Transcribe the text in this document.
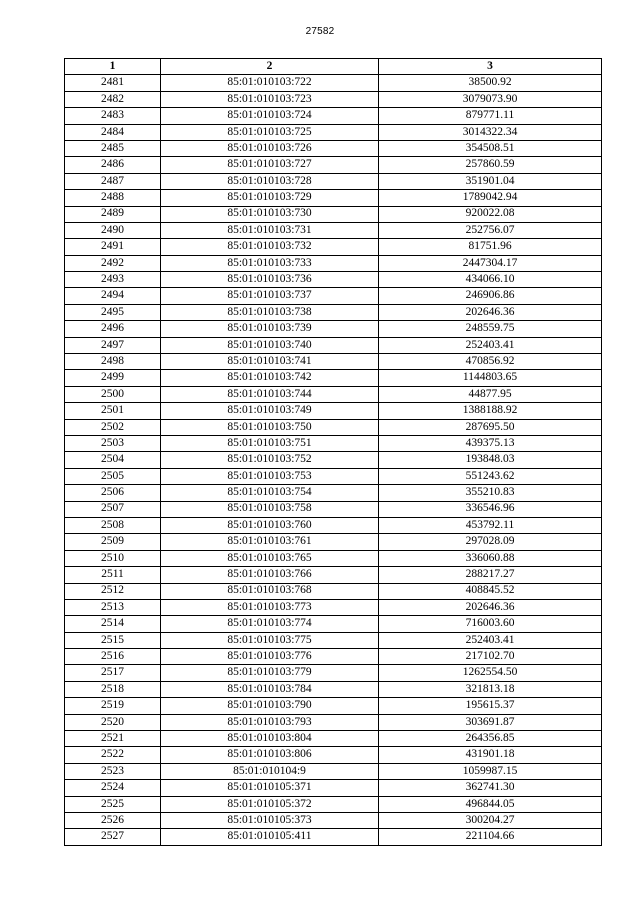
27582
1	2	3
2481	85:01:010103:722	38500.92
2482	85:01:010103:723	3079073.90
2483	85:01:010103:724	879771.11
2484	85:01:010103:725	3014322.34
2485	85:01:010103:726	354508.51
2486	85:01:010103:727	257860.59
2487	85:01:010103:728	351901.04
2488	85:01:010103:729	1789042.94
2489	85:01:010103:730	920022.08
2490	85:01:010103:731	252756.07
2491	85:01:010103:732	81751.96
2492	85:01:010103:733	2447304.17
2493	85:01:010103:736	434066.10
2494	85:01:010103:737	246906.86
2495	85:01:010103:738	202646.36
2496	85:01:010103:739	248559.75
2497	85:01:010103:740	252403.41
2498	85:01:010103:741	470856.92
2499	85:01:010103:742	1144803.65
2500	85:01:010103:744	44877.95
2501	85:01:010103:749	1388188.92
2502	85:01:010103:750	287695.50
2503	85:01:010103:751	439375.13
2504	85:01:010103:752	193848.03
2505	85:01:010103:753	551243.62
2506	85:01:010103:754	355210.83
2507	85:01:010103:758	336546.96
2508	85:01:010103:760	453792.11
2509	85:01:010103:761	297028.09
2510	85:01:010103:765	336060.88
2511	85:01:010103:766	288217.27
2512	85:01:010103:768	408845.52
2513	85:01:010103:773	202646.36
2514	85:01:010103:774	716003.60
2515	85:01:010103:775	252403.41
2516	85:01:010103:776	217102.70
2517	85:01:010103:779	1262554.50
2518	85:01:010103:784	321813.18
2519	85:01:010103:790	195615.37
2520	85:01:010103:793	303691.87
2521	85:01:010103:804	264356.85
2522	85:01:010103:806	431901.18
2523	85:01:010104:9	1059987.15
2524	85:01:010105:371	362741.30
2525	85:01:010105:372	496844.05
2526	85:01:010105:373	300204.27
2527	85:01:010105:411	221104.66
